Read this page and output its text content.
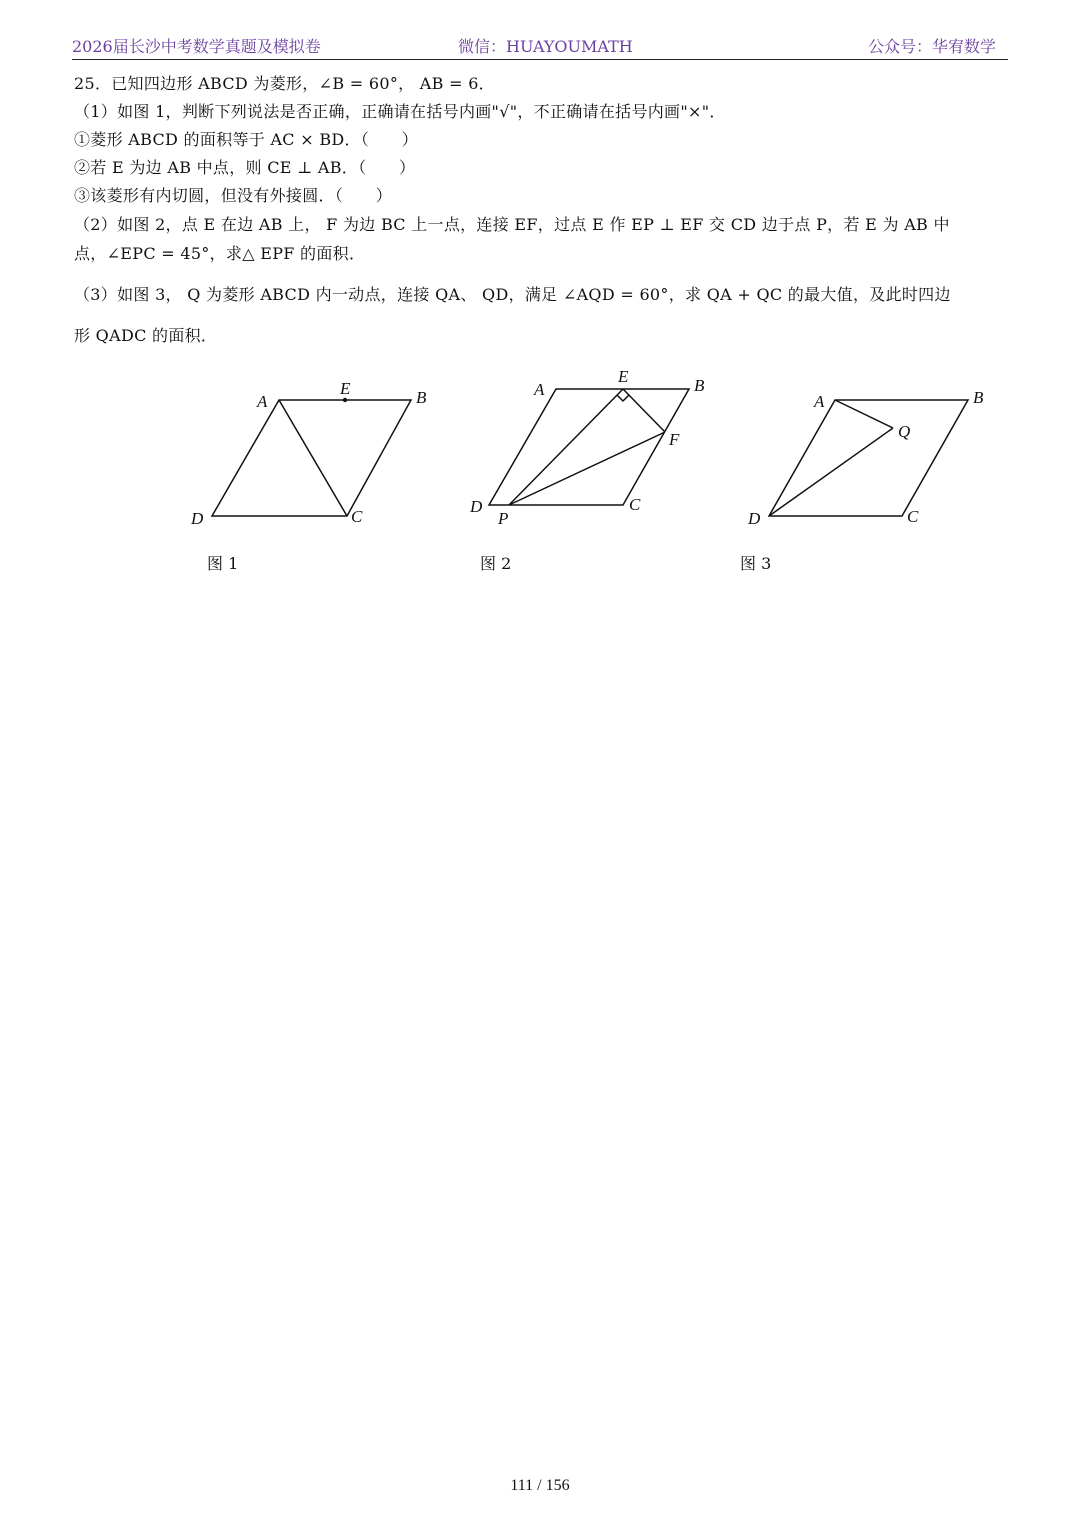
2026届长沙中考数学真题及模拟卷	微信：HUAYOUMATH	公众号：华宥数学
25．已知四边形 ABCD 为菱形，∠B = 60°， AB = 6．
（1）如图 1，判断下列说法是否正确，正确请在括号内画"√"，不正确请在括号内画"×"．
①菱形 ABCD 的面积等于 AC × BD．（　　）
②若 E 为边 AB 中点，则 CE ⊥ AB．（　　）
③该菱形有内切圆，但没有外接圆．（　　）
（2）如图 2，点 E 在边 AB 上， F 为边 BC 上一点，连接 EF，过点 E 作 EP ⊥ EF 交 CD 边于点 P，若 E 为 AB 中
点，∠EPC = 45°，求△ EPF 的面积．
（3）如图 3， Q 为菱形 ABCD 内一动点，连接 QA、 QD，满足 ∠AQD = 60°，求 QA + QC 的最大值，及此时四边
形 QADC 的面积．
A	B
C
D
E	A	B
C
D
E
F
P
A	B
C
D
Q
图 1	图 2	图 3
111 / 156
